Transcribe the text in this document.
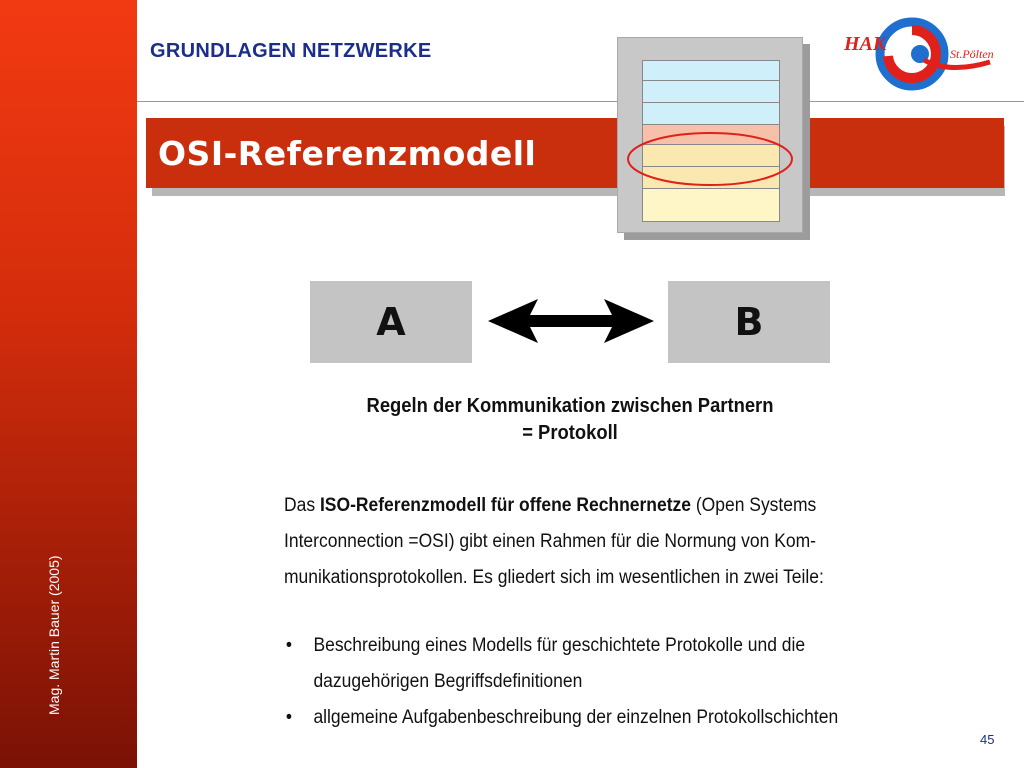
Mag. Martin Bauer (2005)
GRUNDLAGEN NETZWERKE	HAK	St.Pölten
OSI-Referenzmodell
A	B
Regeln der Kommunikation zwischen Partnern
= Protokoll
Das ISO-Referenzmodell für offene Rechnernetze (Open Systems
Interconnection =OSI) gibt einen Rahmen für die Normung von Kom-
munikationsprotokollen. Es gliedert sich im wesentlichen in zwei Teile:
• Beschreibung eines Modells für geschichtete Protokolle und die
dazugehörigen Begriffsdefinitionen
• allgemeine Aufgabenbeschreibung der einzelnen Protokollschichten
45
